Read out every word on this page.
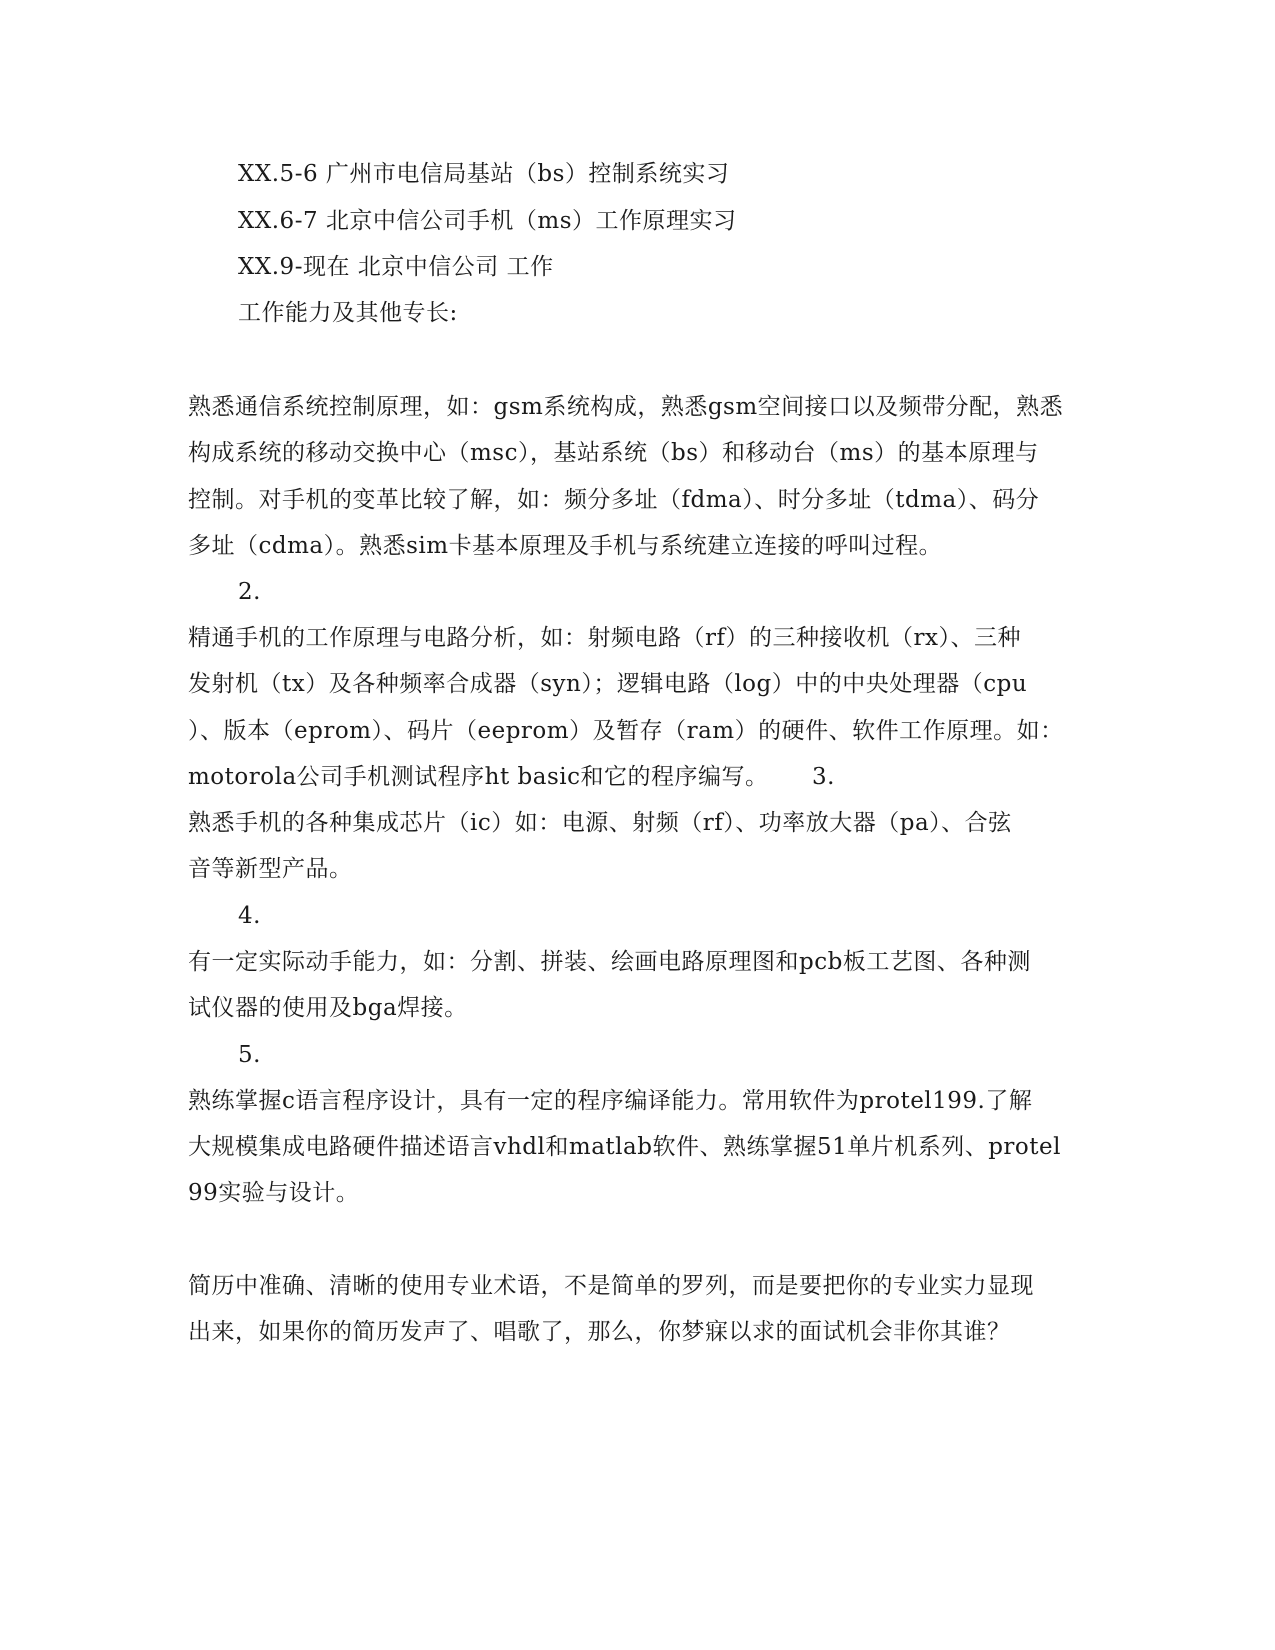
XX.5-6 广州市电信局基站（bs）控制系统实习
XX.6-7 北京中信公司手机（ms）工作原理实习
XX.9-现在 北京中信公司 工作
工作能力及其他专长:
熟悉通信系统控制原理，如：gsm系统构成，熟悉gsm空间接口以及频带分配，熟悉
构成系统的移动交换中心（msc），基站系统（bs）和移动台（ms）的基本原理与
控制。对手机的变革比较了解，如：频分多址（fdma）、时分多址（tdma）、码分
多址（cdma）。熟悉sim卡基本原理及手机与系统建立连接的呼叫过程。
2.
精通手机的工作原理与电路分析，如：射频电路（rf）的三种接收机（rx）、三种
发射机（tx）及各种频率合成器（syn）；逻辑电路（log）中的中央处理器（cpu
）、版本（eprom）、码片（eeprom）及暂存（ram）的硬件、软件工作原理。如：
motorola公司手机测试程序ht basic和它的程序编写。 3.
熟悉手机的各种集成芯片（ic）如：电源、射频（rf）、功率放大器（pa）、合弦
音等新型产品。
4.
有一定实际动手能力，如：分割、拼装、绘画电路原理图和pcb板工艺图、各种测
试仪器的使用及bga焊接。
5.
熟练掌握c语言程序设计，具有一定的程序编译能力。常用软件为protel199.了解
大规模集成电路硬件描述语言vhdl和matlab软件、熟练掌握51单片机系列、protel
99实验与设计。
简历中准确、清晰的使用专业术语，不是简单的罗列，而是要把你的专业实力显现
出来，如果你的简历发声了、唱歌了，那么，你梦寐以求的面试机会非你其谁？
